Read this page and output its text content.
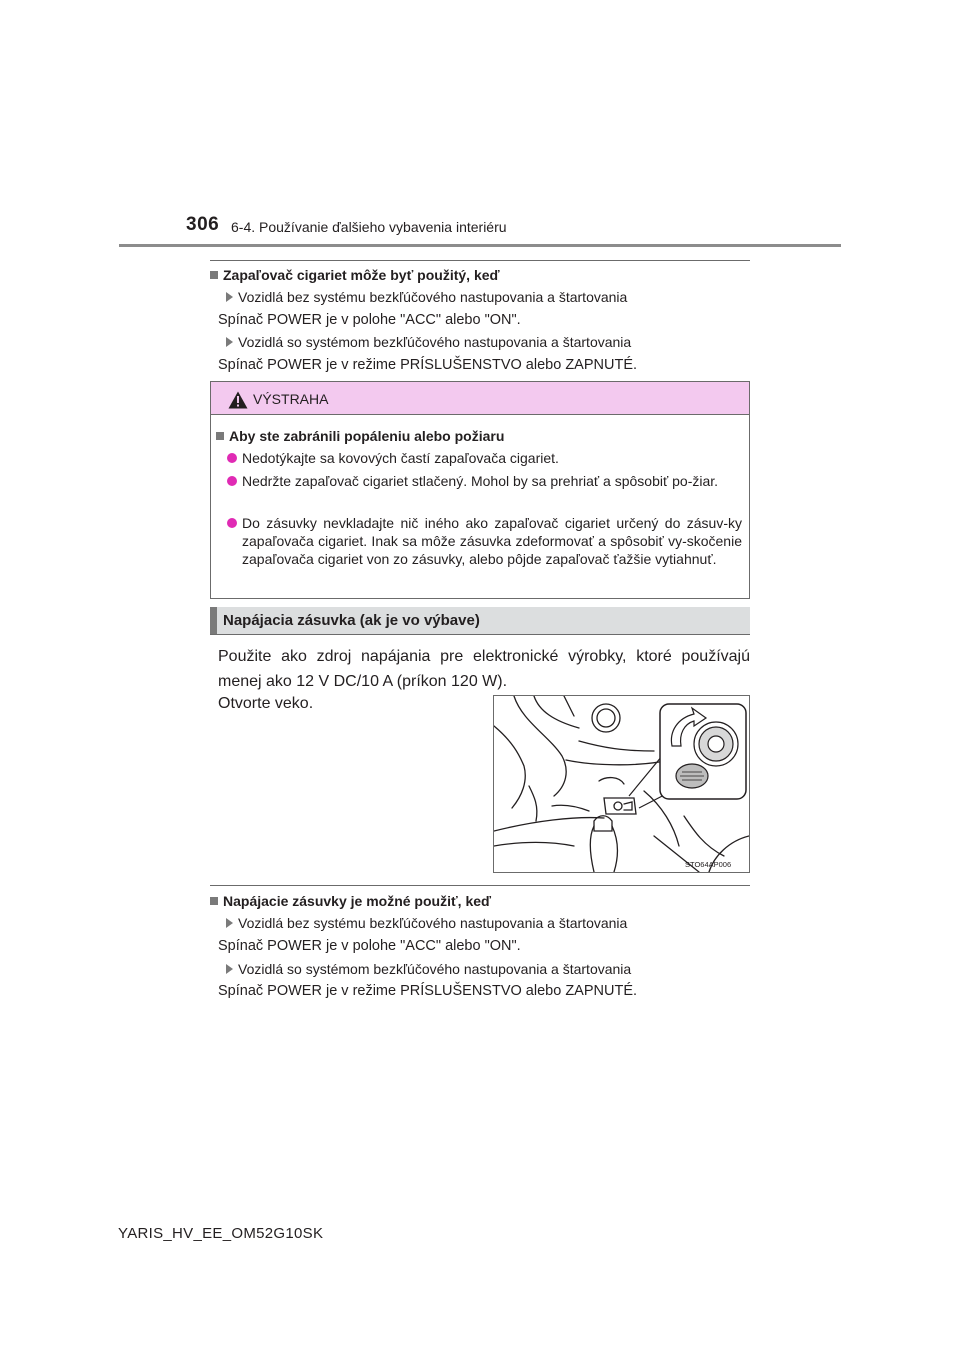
306 6-4. Používanie ďalšieho vybavenia interiéru
Zapaľovač cigariet môže byť použitý, keď
Vozidlá bez systému bezkľúčového nastupovania a štartovania
Spínač POWER je v polohe "ACC" alebo "ON".
Vozidlá so systémom bezkľúčového nastupovania a štartovania
Spínač POWER je v režime PRÍSLUŠENSTVO alebo ZAPNUTÉ.
VÝSTRAHA
Aby ste zabránili popáleniu alebo požiaru
Nedotýkajte sa kovových častí zapaľovača cigariet.
Nedržte zapaľovač cigariet stlačený. Mohol by sa prehriať a spôsobiť po-žiar.
Do zásuvky nevkladajte nič iného ako zapaľovač cigariet určený do zásuv-ky zapaľovača cigariet. Inak sa môže zásuvka zdeformovať a spôsobiť vy-skočenie zapaľovača cigariet von zo zásuvky, alebo pôjde zapaľovač ťažšie vytiahnuť.
Napájacia zásuvka (ak je vo výbave)
Použite ako zdroj napájania pre elektronické výrobky, ktoré používajú menej ako 12 V DC/10 A (príkon 120 W).
Otvorte veko.
STO64AP006
Napájacie zásuvky je možné použiť, keď
Vozidlá bez systému bezkľúčového nastupovania a štartovania
Spínač POWER je v polohe "ACC" alebo "ON".
Vozidlá so systémom bezkľúčového nastupovania a štartovania
Spínač POWER je v režime PRÍSLUŠENSTVO alebo ZAPNUTÉ.
YARIS_HV_EE_OM52G10SK
